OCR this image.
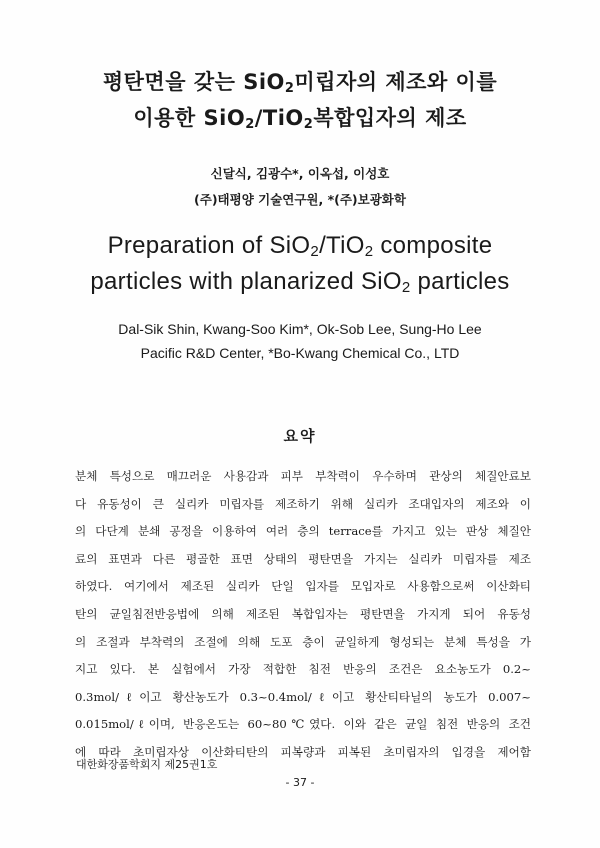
평탄면을 갖는 SiO$_2$미립자의 제조와 이를
이용한 SiO$_2$/TiO$_2$복합입자의 제조
신달식, 김광수*, 이옥섭, 이성호
(주)태평양 기술연구원, *(주)보광화학
Preparation of SiO$_2$/TiO$_2$ composite
particles with planarized SiO$_2$ particles
Dal-Sik Shin, Kwang-Soo Kim*, Ok-Sob Lee, Sung-Ho Lee
Pacific R&D Center, *Bo-Kwang Chemical Co., LTD
요약
분체 특성으로 매끄러운 사용감과 피부 부착력이 우수하며 관상의 체질안료보
다 유동성이 큰 실리카 미립자를 제조하기 위해 실리카 조대입자의 제조와 이
의 다단계 분쇄 공정을 이용하여 여러 층의 terrace를 가지고 있는 판상 체질안
료의 표면과 다른 평골한 표면 상태의 평탄면을 가지는 실리카 미립자를 제조
하였다. 여기에서 제조된 실리카 단일 입자를 모입자로 사용함으로써 이산화티
탄의 균일침전반응법에 의해 제조된 복합입자는 평탄면을 가지게 되어 유동성
의 조절과 부착력의 조절에 의해 도포 층이 균일하게 형성되는 분체 특성을 가
지고 있다. 본 실험에서 가장 적합한 침전 반응의 조건은 요소농도가 0.2~
0.3mol/ℓ이고 황산농도가 0.3~0.4mol/ℓ이고 황산티타닐의 농도가 0.007~
0.015mol/ℓ이며, 반응온도는 60~80℃였다. 이와 같은 균일 침전 반응의 조건
에 따라 초미립자상 이산화티탄의 피복량과 피복된 초미립자의 입경을 제어함
대한화장품학회지 제25권1호
- 37 -
